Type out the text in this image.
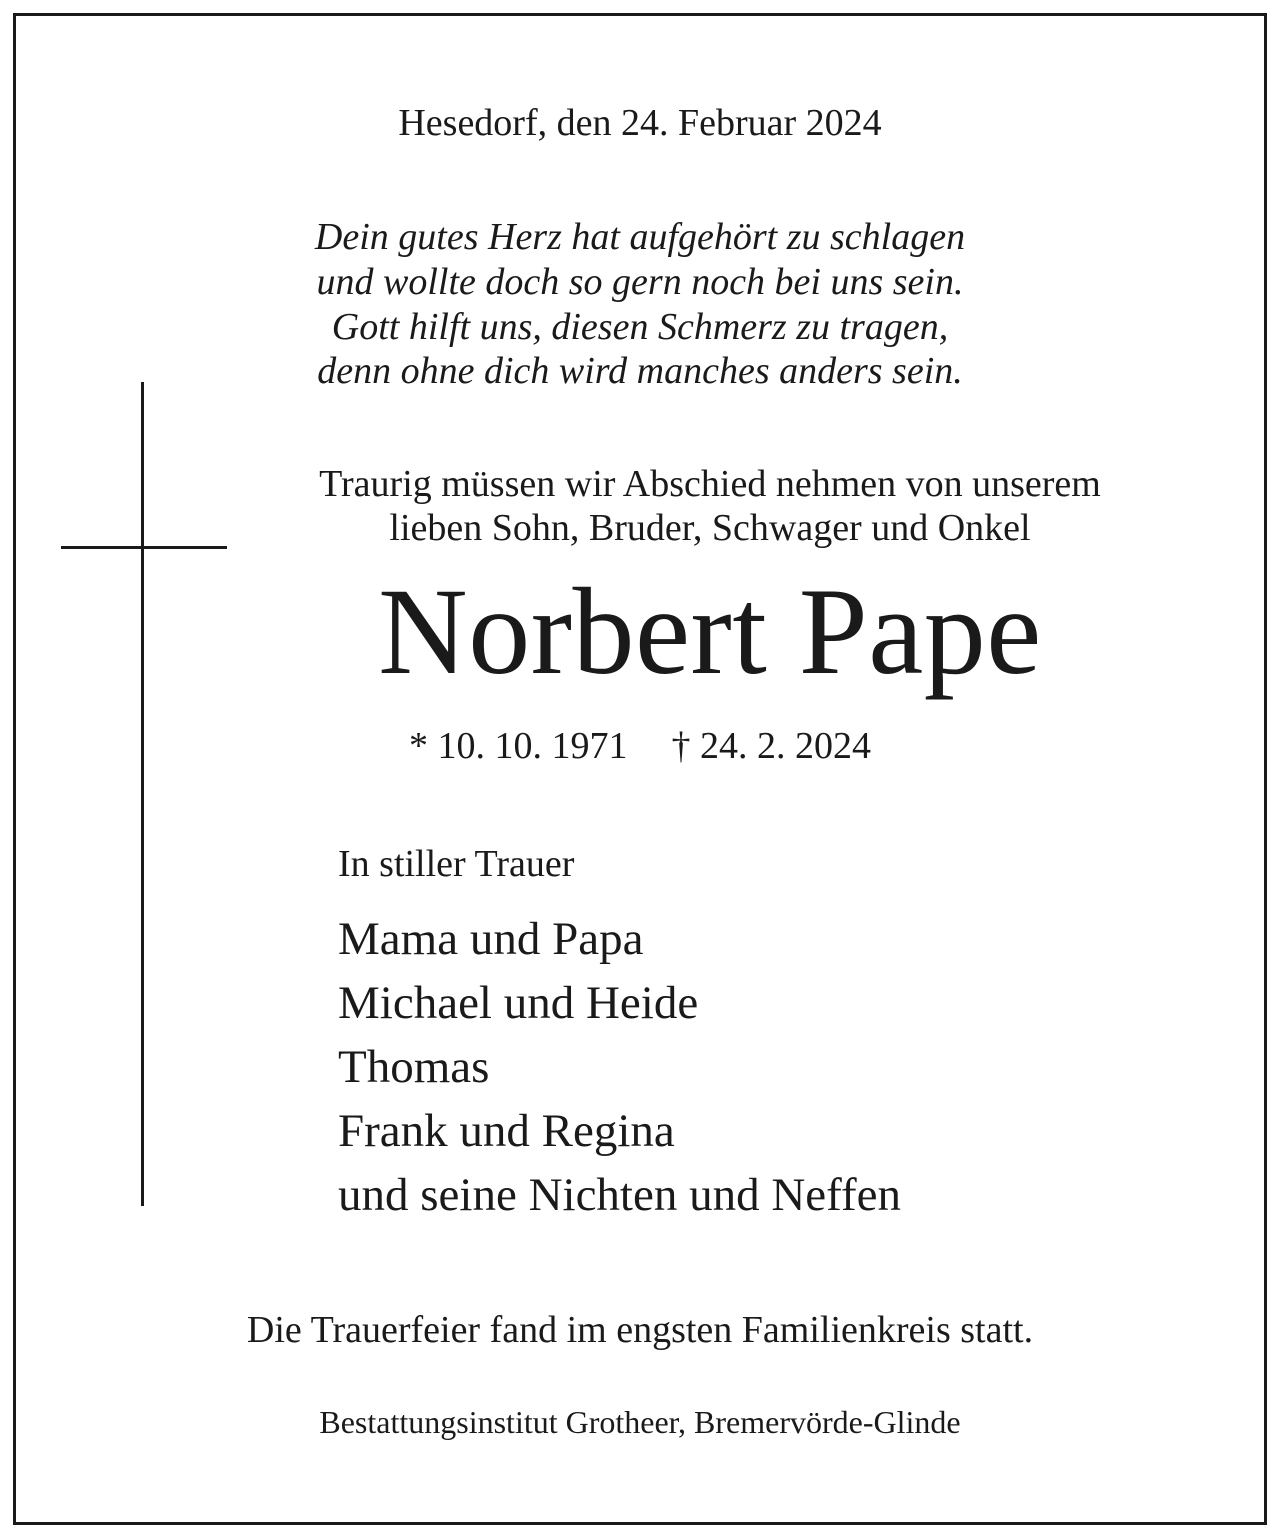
Hesedorf, den 24. Februar 2024
Dein gutes Herz hat aufgehört zu schlagen
und wollte doch so gern noch bei uns sein.
Gott hilft uns, diesen Schmerz zu tragen,
denn ohne dich wird manches anders sein.
Traurig müssen wir Abschied nehmen von unserem
lieben Sohn, Bruder, Schwager und Onkel
Norbert Pape
* 10. 10. 1971 † 24. 2. 2024
In stiller Trauer
Mama und Papa
Michael und Heide
Thomas
Frank und Regina
und seine Nichten und Neffen
Die Trauerfeier fand im engsten Familienkreis statt.
Bestattungsinstitut Grotheer, Bremervörde-Glinde
